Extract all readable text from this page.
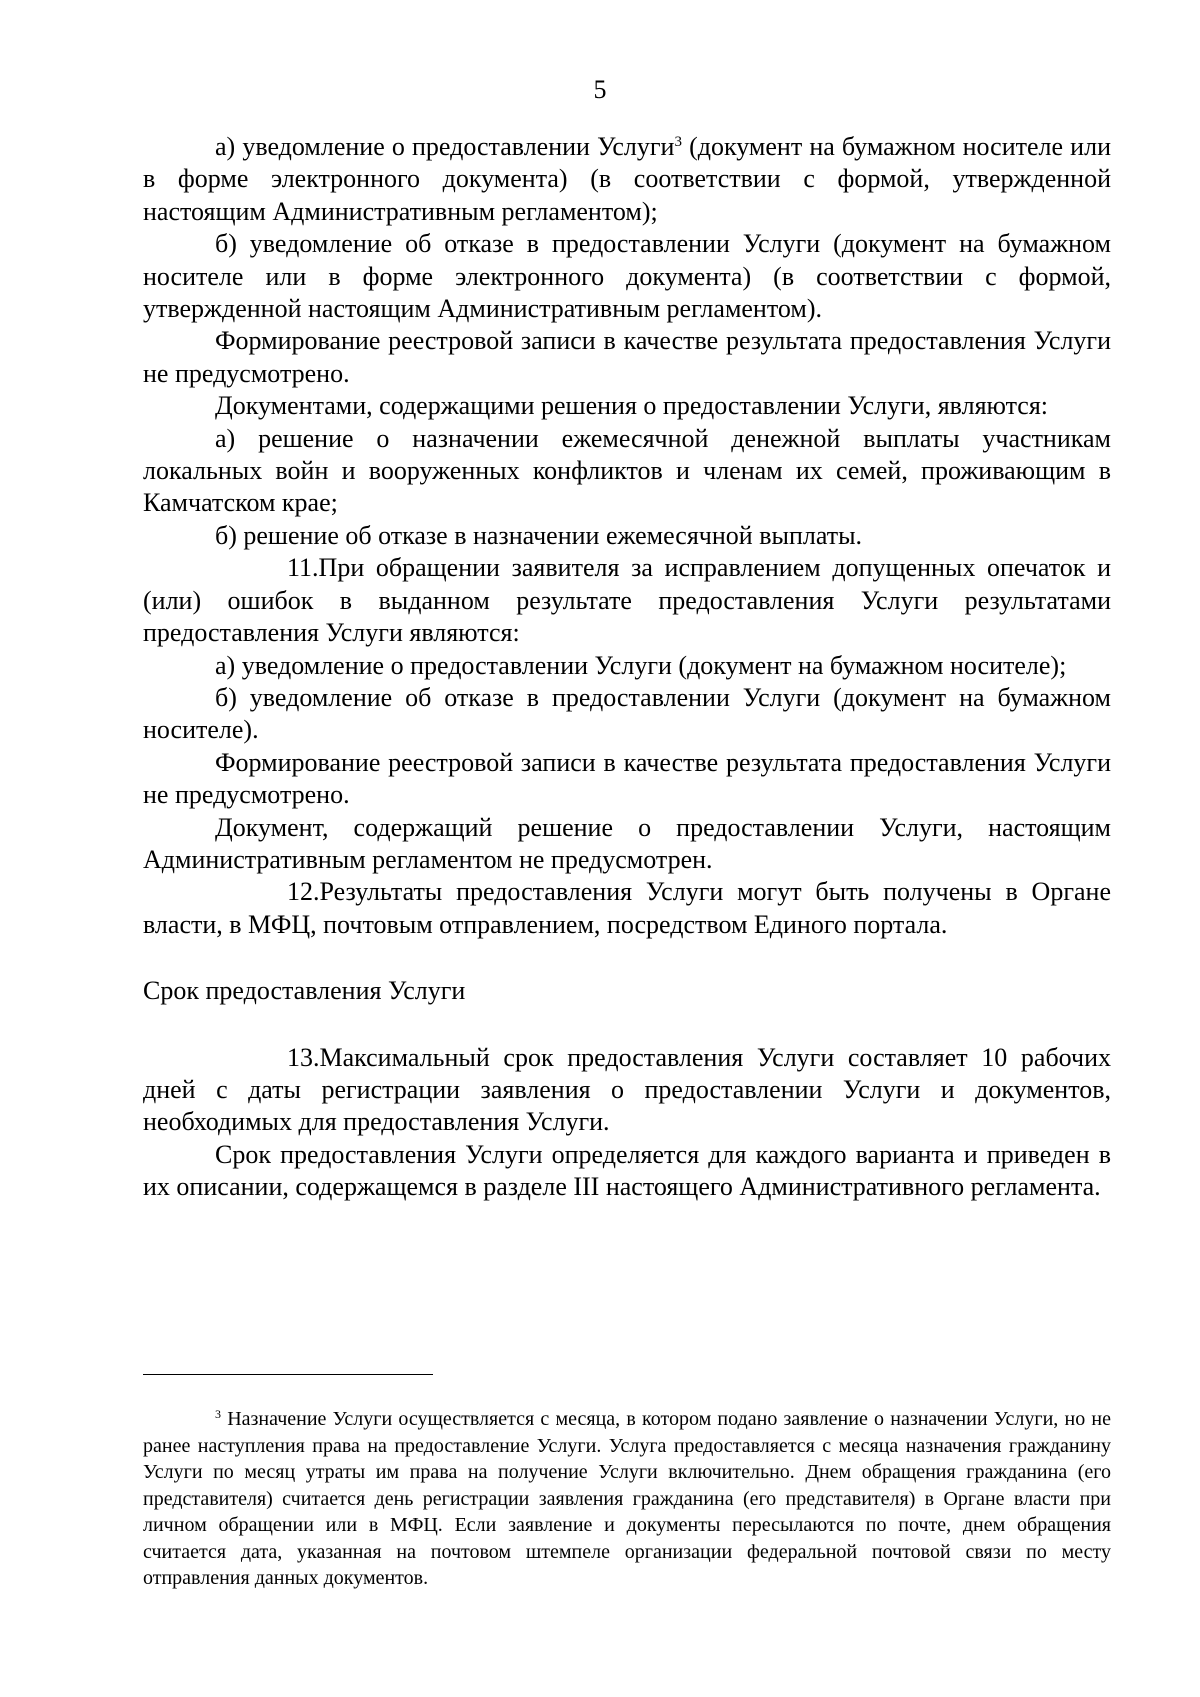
5

а) уведомление о предоставлении Услуги$^3$ (документ на бумажном носителе или в форме электронного документа) (в соответствии с формой, утвержденной настоящим Административным регламентом);

б) уведомление об отказе в предоставлении Услуги (документ на бумажном носителе или в форме электронного документа) (в соответствии с формой, утвержденной настоящим Административным регламентом).

Формирование реестровой записи в качестве результата предоставления Услуги не предусмотрено.

Документами, содержащими решения о предоставлении Услуги, являются:

а) решение о назначении ежемесячной денежной выплаты участникам локальных войн и вооруженных конфликтов и членам их семей, проживающим в Камчатском крае;

б) решение об отказе в назначении ежемесячной выплаты.

11.При обращении заявителя за исправлением допущенных опечаток и (или) ошибок в выданном результате предоставления Услуги результатами предоставления Услуги являются:

а) уведомление о предоставлении Услуги (документ на бумажном носителе);

б) уведомление об отказе в предоставлении Услуги (документ на бумажном носителе).

Формирование реестровой записи в качестве результата предоставления Услуги не предусмотрено.

Документ, содержащий решение о предоставлении Услуги, настоящим Административным регламентом не предусмотрен.

12.Результаты предоставления Услуги могут быть получены в Органе власти, в МФЦ, почтовым отправлением, посредством Единого портала.

Срок предоставления Услуги

13.Максимальный срок предоставления Услуги составляет 10 рабочих дней с даты регистрации заявления о предоставлении Услуги и документов, необходимых для предоставления Услуги.

Срок предоставления Услуги определяется для каждого варианта и приведен в их описании, содержащемся в разделе III настоящего Административного регламента.

$^3$ Назначение Услуги осуществляется с месяца, в котором подано заявление о назначении Услуги, но не ранее наступления права на предоставление Услуги. Услуга предоставляется с месяца назначения гражданину Услуги по месяц утраты им права на получение Услуги включительно. Днем обращения гражданина (его представителя) считается день регистрации заявления гражданина (его представителя) в Органе власти при личном обращении или в МФЦ. Если заявление и документы пересылаются по почте, днем обращения считается дата, указанная на почтовом штемпеле организации федеральной почтовой связи по месту отправления данных документов.
